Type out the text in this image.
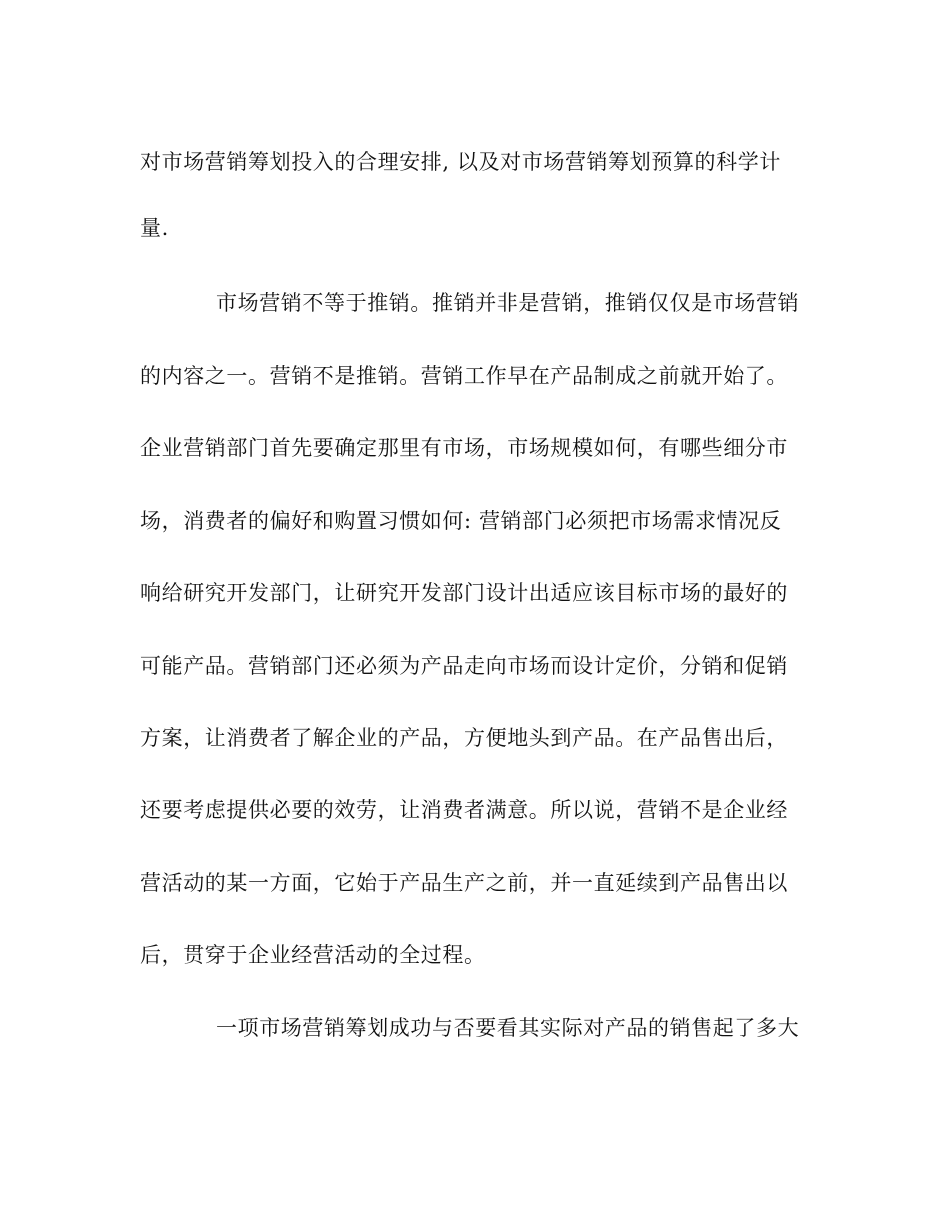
对市场营销筹划投入的合理安排, 以及对市场营销筹划预算的科学计

量.

市场营销不等于推销。推销并非是营销，推销仅仅是市场营销

的内容之一。营销不是推销。营销工作早在产品制成之前就开始了。

企业营销部门首先要确定那里有市场，市场规模如何，有哪些细分市

场，消费者的偏好和购置习惯如何: 营销部门必须把市场需求情况反

响给研究开发部门，让研究开发部门设计出适应该目标市场的最好的

可能产品。营销部门还必须为产品走向市场而设计定价，分销和促销

方案，让消费者了解企业的产品，方便地头到产品。在产品售出后，

还要考虑提供必要的效劳，让消费者满意。所以说，营销不是企业经

营活动的某一方面，它始于产品生产之前，并一直延续到产品售出以

后，贯穿于企业经营活动的全过程。

一项市场营销筹划成功与否要看其实际对产品的销售起了多大
